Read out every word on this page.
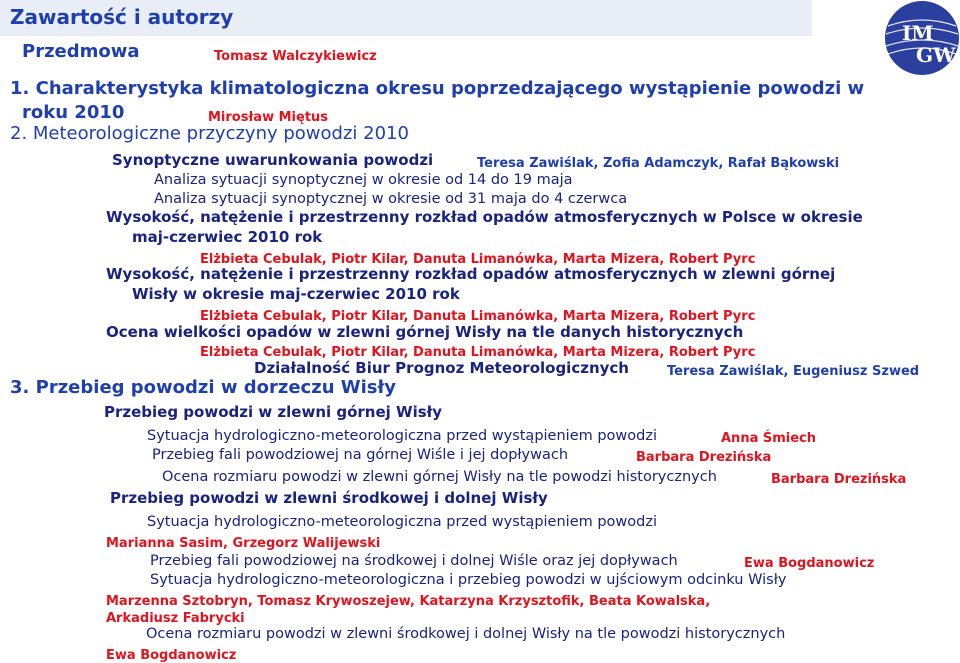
Zawartość i autorzy
IM
GW
Przedmowa	Tomasz Walczykiewicz
1. Charakterystyka klimatologiczna okresu poprzedzającego wystąpienie powodzi w
roku 2010	Mirosław Miętus
2. Meteorologiczne przyczyny powodzi 2010
Synoptyczne uwarunkowania powodzi	Teresa Zawiślak, Zofia Adamczyk, Rafał Bąkowski
Analiza sytuacji synoptycznej w okresie od 14 do 19 maja
Analiza sytuacji synoptycznej w okresie od 31 maja do 4 czerwca
Wysokość, natężenie i przestrzenny rozkład opadów atmosferycznych w Polsce w okresie
maj-czerwiec 2010 rok
Elżbieta Cebulak, Piotr Kilar, Danuta Limanówka, Marta Mizera, Robert Pyrc
Wysokość, natężenie i przestrzenny rozkład opadów atmosferycznych w zlewni górnej
Wisły w okresie maj-czerwiec 2010 rok
Elżbieta Cebulak, Piotr Kilar, Danuta Limanówka, Marta Mizera, Robert Pyrc
Ocena wielkości opadów w zlewni górnej Wisły na tle danych historycznych
Elżbieta Cebulak, Piotr Kilar, Danuta Limanówka, Marta Mizera, Robert Pyrc
Działalność Biur Prognoz Meteorologicznych	Teresa Zawiślak, Eugeniusz Szwed
3. Przebieg powodzi w dorzeczu Wisły
Przebieg powodzi w zlewni górnej Wisły
Sytuacja hydrologiczno-meteorologiczna przed wystąpieniem powodzi	Anna Śmiech
Przebieg fali powodziowej na górnej Wiśle i jej dopływach	Barbara Drezińska
Ocena rozmiaru powodzi w zlewni górnej Wisły na tle powodzi historycznych	Barbara Drezińska
Przebieg powodzi w zlewni środkowej i dolnej Wisły
Sytuacja hydrologiczno-meteorologiczna przed wystąpieniem powodzi
Marianna Sasim, Grzegorz Walijewski
Przebieg fali powodziowej na środkowej i dolnej Wiśle oraz jej dopływach	Ewa Bogdanowicz
Sytuacja hydrologiczno-meteorologiczna i przebieg powodzi w ujściowym odcinku Wisły
Marzenna Sztobryn, Tomasz Krywoszejew, Katarzyna Krzysztofik, Beata Kowalska,
Arkadiusz Fabrycki
Ocena rozmiaru powodzi w zlewni środkowej i dolnej Wisły na tle powodzi historycznych
Ewa Bogdanowicz
